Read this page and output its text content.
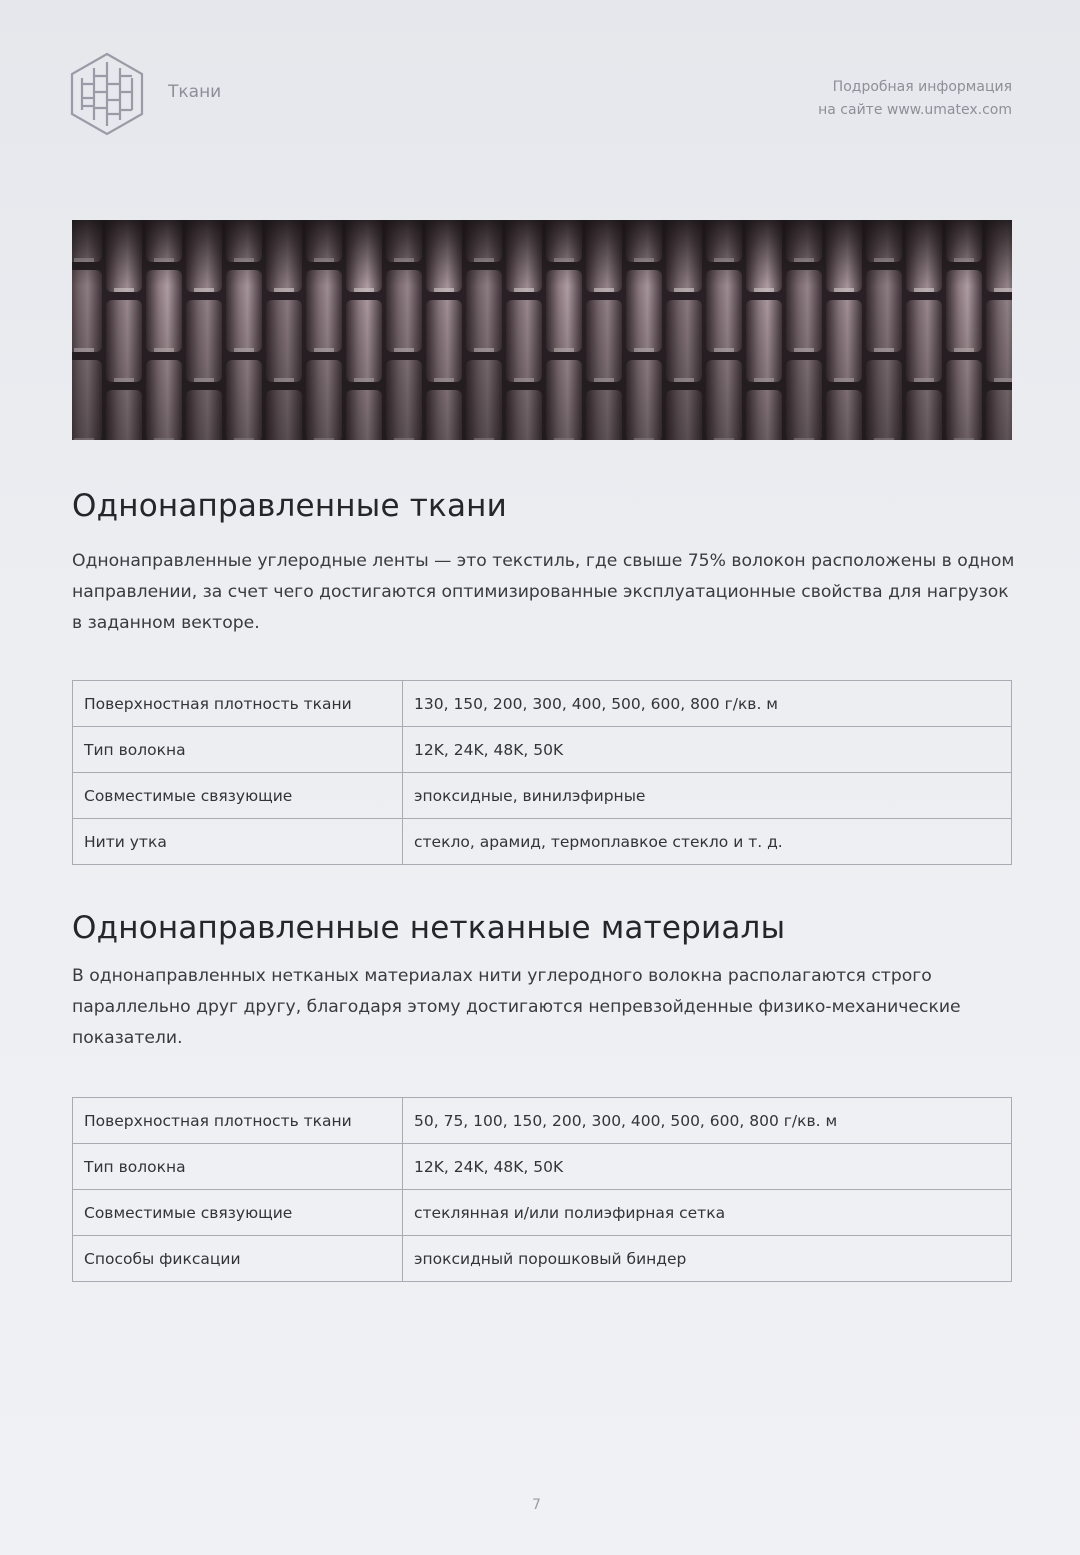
Ткани	Подробная информация
на сайте www.umatex.com
Однонаправленные ткани

Однонаправленные углеродные ленты — это текстиль, где свыше 75% волокон расположены в одном направлении, за счет чего достигаются оптимизированные эксплуатационные свойства для нагрузок в заданном векторе.

Поверхностная плотность ткани	130, 150, 200, 300, 400, 500, 600, 800 г/кв. м
Тип волокна	12K, 24K, 48K, 50K
Совместимые связующие	эпоксидные, винилэфирные
Нити утка	стекло, арамид, термоплавкое стекло и т. д.
Однонаправленные нетканные материалы

В однонаправленных нетканых материалах нити углеродного волокна располагаются строго параллельно друг другу, благодаря этому достигаются непревзойденные физико-механические показатели.

Поверхностная плотность ткани	50, 75, 100, 150, 200, 300, 400, 500, 600, 800 г/кв. м
Тип волокна	12K, 24K, 48K, 50K
Совместимые связующие	стеклянная и/или полиэфирная сетка
Способы фиксации	эпоксидный порошковый биндер
7
